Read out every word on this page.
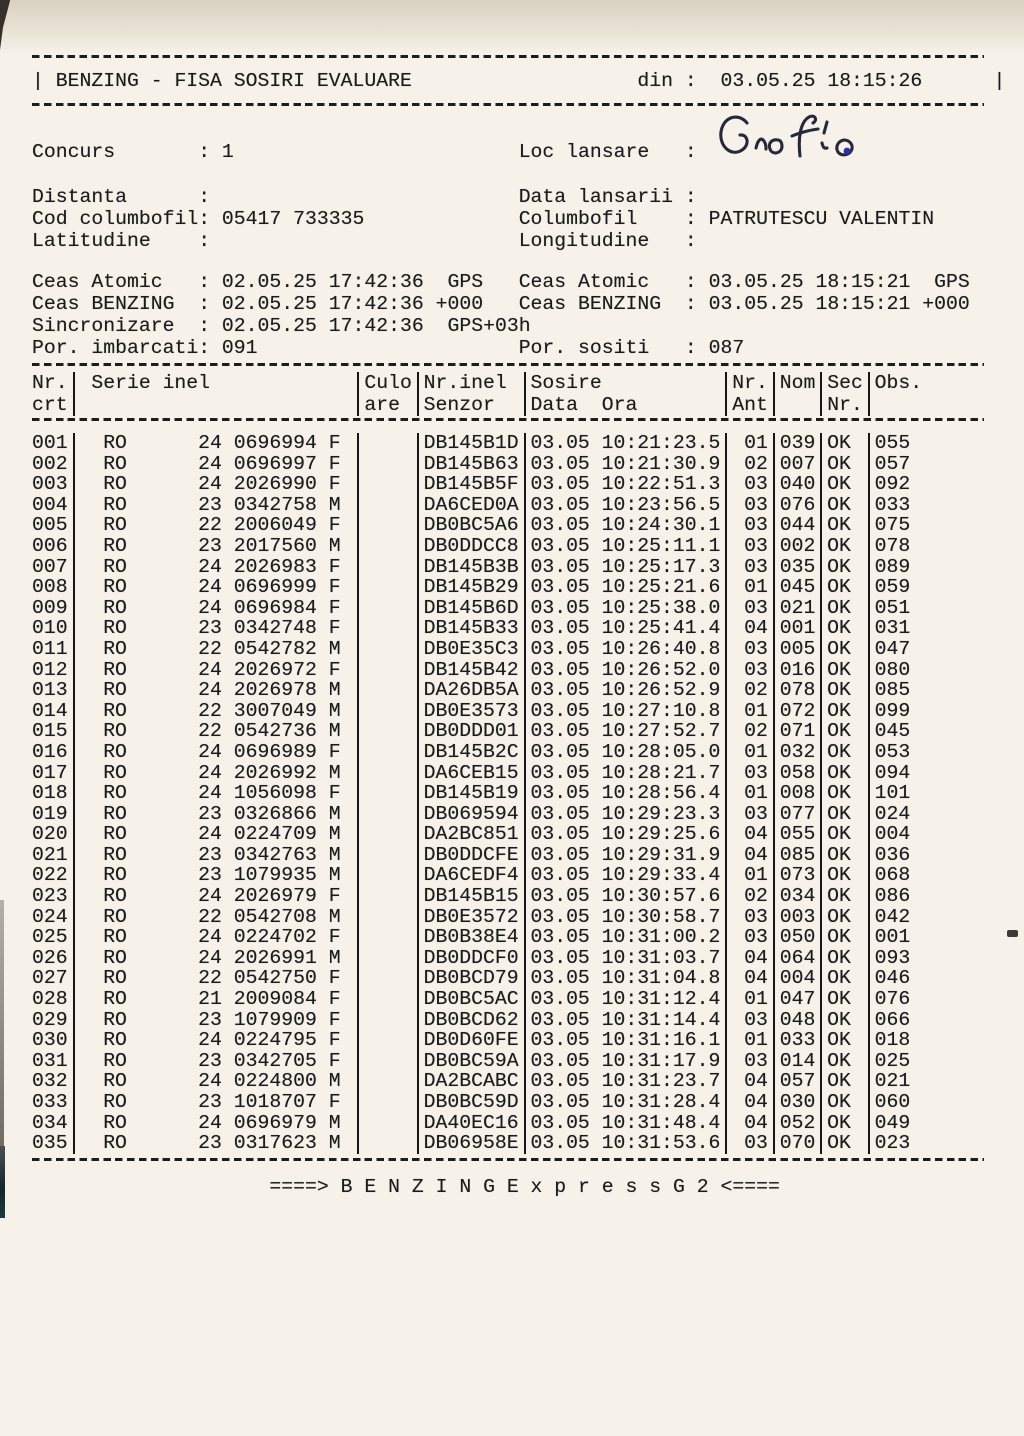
| BENZING - FISA SOSIRI EVALUARE	din : 03.05.25 18:15:26	|
Concurs	: 1	Loc lansare	:
Distanta	:	Data lansarii :
Cod columbofil : 05417 733335	Columbofil	: PATRUTESCU VALENTIN
Latitudine	:	Longitudine	:
Ceas Atomic	: 02.05.25 17:42:36  GPS	Ceas Atomic	: 03.05.25 18:15:21  GPS
Ceas BENZING	: 02.05.25 17:42:36 +000	Ceas BENZING	: 03.05.25 18:15:21 +000
Sincronizare	: 02.05.25 17:42:36  GPS+03h
Por. imbarcati : 091	Por. sositi	: 087
Nr. Serie inel	Culo Nr.inel	Sosire	Nr. Nom Sec Obs.
crt	are	Senzor	Data  Ora	Ant	Nr.
001	RO	24 0696994 F	DB145B1D 03.05 10:21:23.5	01 039 OK	055
002	RO	24 0696997 F	DB145B63 03.05 10:21:30.9	02 007 OK	057
003	RO	24 2026990 F	DB145B5F 03.05 10:22:51.3	03 040 OK	092
004	RO	23 0342758 M	DA6CED0A 03.05 10:23:56.5	03 076 OK	033
005	RO	22 2006049 F	DB0BC5A6 03.05 10:24:30.1	03 044 OK	075
006	RO	23 2017560 M	DB0DDCC8 03.05 10:25:11.1	03 002 OK	078
007	RO	24 2026983 F	DB145B3B 03.05 10:25:17.3	03 035 OK	089
008	RO	24 0696999 F	DB145B29 03.05 10:25:21.6	01 045 OK	059
009	RO	24 0696984 F	DB145B6D 03.05 10:25:38.0	03 021 OK	051
010	RO	23 0342748 F	DB145B33 03.05 10:25:41.4	04 001 OK	031
011	RO	22 0542782 M	DB0E35C3 03.05 10:26:40.8	03 005 OK	047
012	RO	24 2026972 F	DB145B42 03.05 10:26:52.0	03 016 OK	080
013	RO	24 2026978 M	DA26DB5A 03.05 10:26:52.9	02 078 OK	085
014	RO	22 3007049 M	DB0E3573 03.05 10:27:10.8	01 072 OK	099
015	RO	22 0542736 M	DB0DDD01 03.05 10:27:52.7	02 071 OK	045
016	RO	24 0696989 F	DB145B2C 03.05 10:28:05.0	01 032 OK	053
017	RO	24 2026992 M	DA6CEB15 03.05 10:28:21.7	03 058 OK	094
018	RO	24 1056098 F	DB145B19 03.05 10:28:56.4	01 008 OK	101
019	RO	23 0326866 M	DB069594 03.05 10:29:23.3	03 077 OK	024
020	RO	24 0224709 M	DA2BC851 03.05 10:29:25.6	04 055 OK	004
021	RO	23 0342763 M	DB0DDCFE 03.05 10:29:31.9	04 085 OK	036
022	RO	23 1079935 M	DA6CEDF4 03.05 10:29:33.4	01 073 OK	068
023	RO	24 2026979 F	DB145B15 03.05 10:30:57.6	02 034 OK	086
024	RO	22 0542708 M	DB0E3572 03.05 10:30:58.7	03 003 OK	042
025	RO	24 0224702 F	DB0B38E4 03.05 10:31:00.2	03 050 OK	001
026	RO	24 2026991 M	DB0DDCF0 03.05 10:31:03.7	04 064 OK	093
027	RO	22 0542750 F	DB0BCD79 03.05 10:31:04.8	04 004 OK	046
028	RO	21 2009084 F	DB0BC5AC 03.05 10:31:12.4	01 047 OK	076
029	RO	23 1079909 F	DB0BCD62 03.05 10:31:14.4	03 048 OK	066
030	RO	24 0224795 F	DB0D60FE 03.05 10:31:16.1	01 033 OK	018
031	RO	23 0342705 F	DB0BC59A 03.05 10:31:17.9	03 014 OK	025
032	RO	24 0224800 M	DA2BCABC 03.05 10:31:23.7	04 057 OK	021
033	RO	23 1018707 F	DB0BC59D 03.05 10:31:28.4	04 030 OK	060
034	RO	24 0696979 M	DA40EC16 03.05 10:31:48.4	04 052 OK	049
035	RO	23 0317623 M	DB06958E 03.05 10:31:53.6	03 070 OK	023
====> B E N Z I N G E x p r e s s G 2 <====
